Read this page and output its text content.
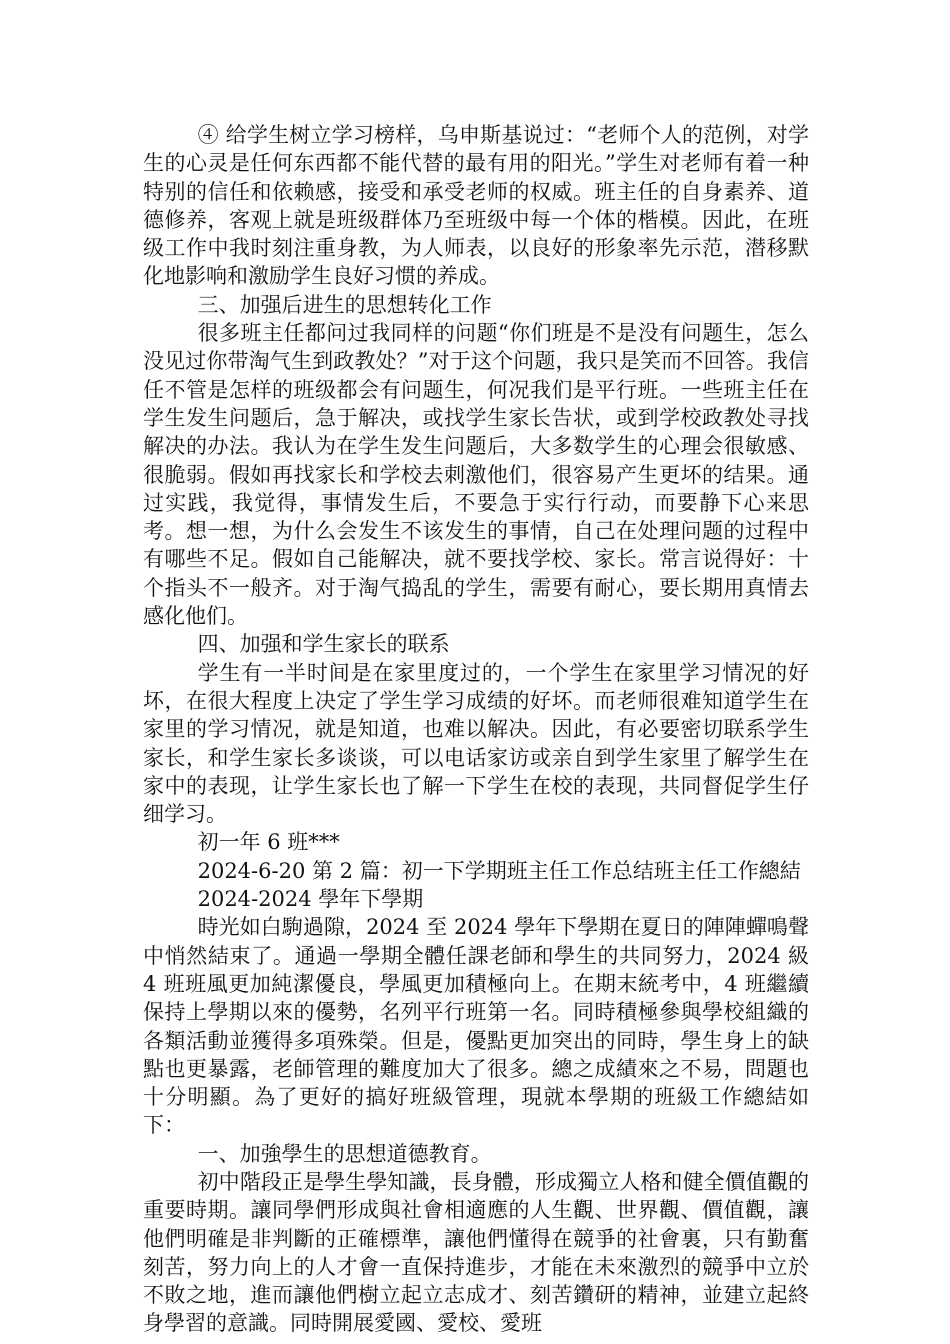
④ 给学生树立学习榜样，乌申斯基说过：“老师个人的范例，对学生的心灵是任何东西都不能代替的最有用的阳光。”学生对老师有着一种特别的信任和依赖感，接受和承受老师的权威。班主任的自身素养、道德修养，客观上就是班级群体乃至班级中每一个体的楷模。因此，在班级工作中我时刻注重身教，为人师表，以良好的形象率先示范，潜移默化地影响和激励学生良好习惯的养成。

三、加强后进生的思想转化工作

很多班主任都问过我同样的问题“你们班是不是没有问题生，怎么没见过你带淘气生到政教处？”对于这个问题，我只是笑而不回答。我信任不管是怎样的班级都会有问题生，何况我们是平行班。一些班主任在学生发生问题后，急于解决，或找学生家长告状，或到学校政教处寻找解决的办法。我认为在学生发生问题后，大多数学生的心理会很敏感、很脆弱。假如再找家长和学校去刺激他们，很容易产生更坏的结果。通过实践，我觉得，事情发生后，不要急于实行行动，而要静下心来思考。想一想，为什么会发生不该发生的事情，自己在处理问题的过程中有哪些不足。假如自己能解决，就不要找学校、家长。常言说得好：十个指头不一般齐。对于淘气捣乱的学生，需要有耐心，要长期用真情去感化他们。

四、加强和学生家长的联系

学生有一半时间是在家里度过的，一个学生在家里学习情况的好坏，在很大程度上决定了学生学习成绩的好坏。而老师很难知道学生在家里的学习情况，就是知道，也难以解决。因此，有必要密切联系学生家长，和学生家长多谈谈，可以电话家访或亲自到学生家里了解学生在家中的表现，让学生家长也了解一下学生在校的表现，共同督促学生仔细学习。

初一年 6 班***

2024-6-20 第 2 篇：初一下学期班主任工作总结班主任工作總結

2024-2024 學年下學期

時光如白駒過隙，2024 至 2024 學年下學期在夏日的陣陣蟬鳴聲中悄然結束了。通過一學期全體任課老師和學生的共同努力，2024 級 4 班班風更加純潔優良，學風更加積極向上。在期末統考中，4 班繼續保持上學期以來的優勢，名列平行班第一名。同時積極參與學校組織的各類活動並獲得多項殊榮。但是，優點更加突出的同時，學生身上的缺點也更暴露，老師管理的難度加大了很多。總之成績來之不易，問題也十分明顯。為了更好的搞好班級管理，現就本學期的班級工作總結如下：

一、加強學生的思想道德教育。

初中階段正是學生學知識，長身體，形成獨立人格和健全價值觀的重要時期。讓同學們形成與社會相適應的人生觀、世界觀、價值觀，讓他們明確是非判斷的正確標準，讓他們懂得在競爭的社會裏，只有勤奮刻苦，努力向上的人才會一直保持進步，才能在未來激烈的競爭中立於不敗之地，進而讓他們樹立起立志成才、刻苦鑽研的精神，並建立起終身學習的意識。同時開展愛國、愛校、愛班
